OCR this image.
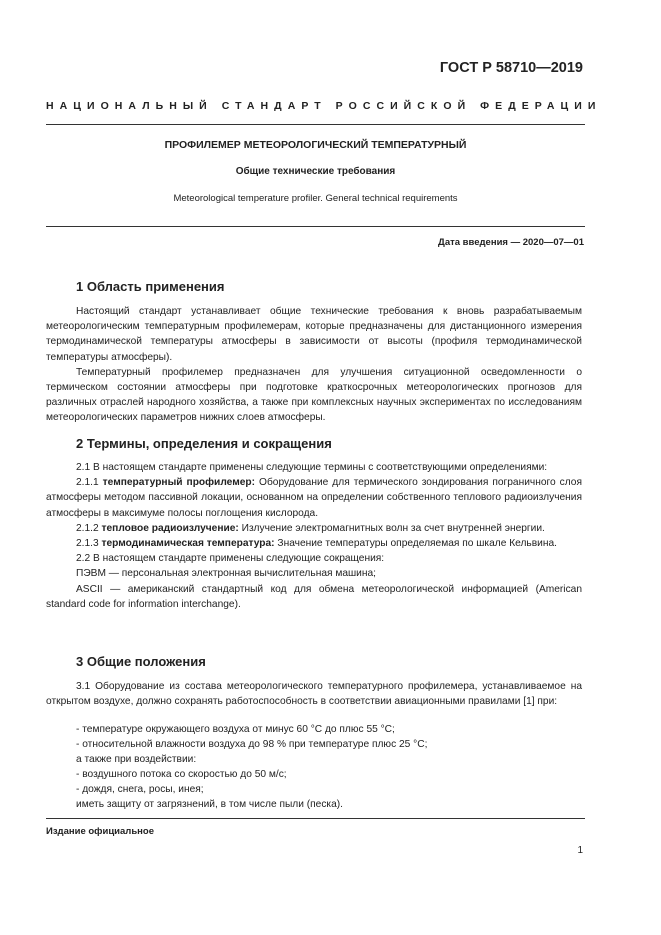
ГОСТ Р 58710—2019
НАЦИОНАЛЬНЫЙ СТАНДАРТ РОССИЙСКОЙ ФЕДЕРАЦИИ
ПРОФИЛЕМЕР МЕТЕОРОЛОГИЧЕСКИЙ ТЕМПЕРАТУРНЫЙ
Общие технические требования
Meteorological temperature profiler. General technical requirements
Дата введения — 2020—07—01
1 Область применения

Настоящий стандарт устанавливает общие технические требования к вновь разрабатываемым метеорологическим температурным профилемерам, которые предназначены для дистанционного измерения термодинамической температуры атмосферы в зависимости от высоты (профиля термодинамической температуры атмосферы).

Температурный профилемер предназначен для улучшения ситуационной осведомленности о термическом состоянии атмосферы при подготовке краткосрочных метеорологических прогнозов для различных отраслей народного хозяйства, а также при комплексных научных экспериментах по исследованиям метеорологических параметров нижних слоев атмосферы.

2 Термины, определения и сокращения

2.1 В настоящем стандарте применены следующие термины с соответствующими определениями:

2.1.1 температурный профилемер: Оборудование для термического зондирования пограничного слоя атмосферы методом пассивной локации, основанном на определении собственного теплового радиоизлучения атмосферы в максимуме полосы поглощения кислорода.

2.1.2 тепловое радиоизлучение: Излучение электромагнитных волн за счет внутренней энергии.

2.1.3 термодинамическая температура: Значение температуры определяемая по шкале Кельвина.

2.2 В настоящем стандарте применены следующие сокращения:

ПЭВМ — персональная электронная вычислительная машина;

ASCII — американский стандартный код для обмена метеорологической информацией (American standard code for information interchange).

3 Общие положения

3.1 Оборудование из состава метеорологического температурного профилемера, устанавливаемое на открытом воздухе, должно сохранять работоспособность в соответствии авиационными правилами [1] при:

- температуре окружающего воздуха от минус 60 °С до плюс 55 °С;
- относительной влажности воздуха до 98 % при температуре плюс 25 °С;
а также при воздействии:
- воздушного потока со скоростью до 50 м/с;
- дождя, снега, росы, инея;
иметь защиту от загрязнений, в том числе пыли (песка).
Издание официальное
1
